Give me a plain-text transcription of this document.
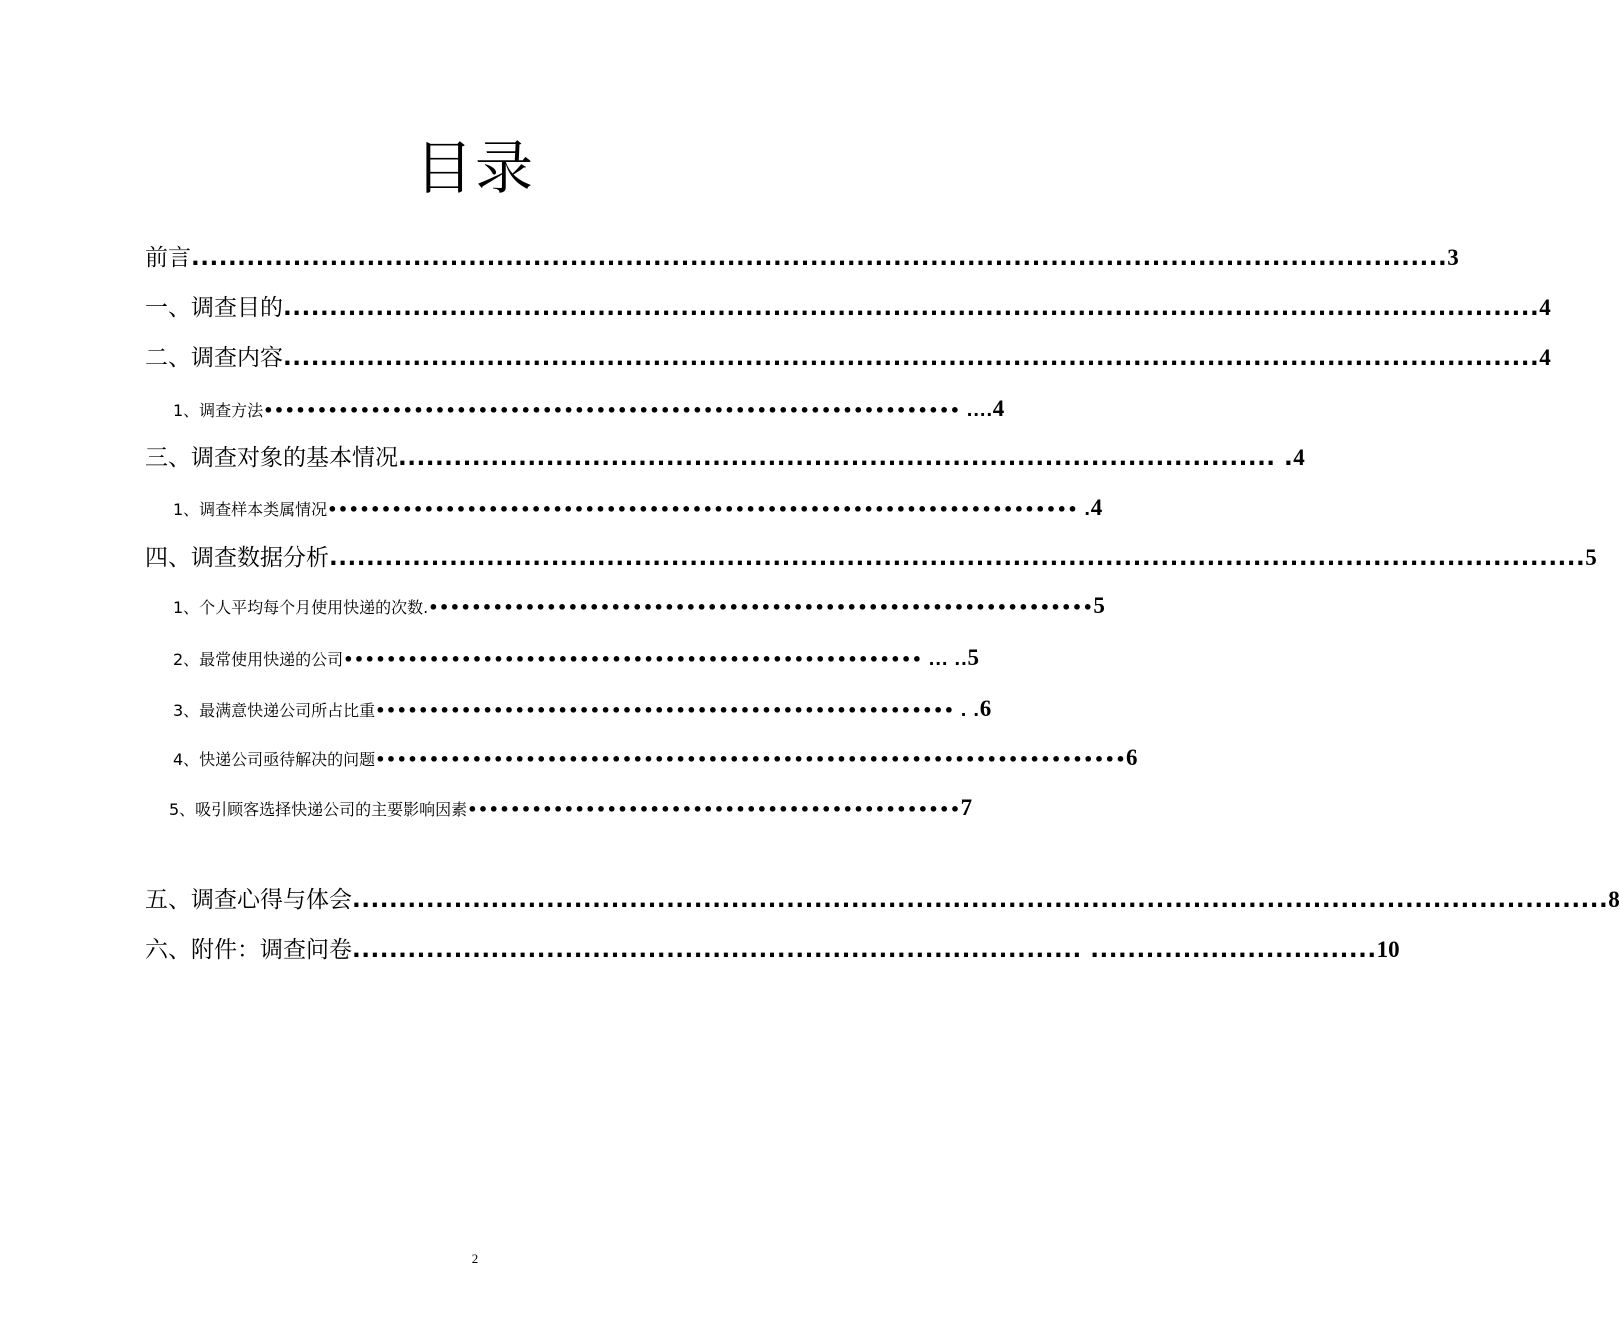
目录
前言 ........................................................................................................................................ 3
一、调查目的 ........................................................................................................................................ 4
二、调查内容 ........................................................................................................................................ 4
1、调查方法 ••••••••••••••••••••••••••••••••••••••••••••••••••••••••••••••••• .... 4
三、调查对象的基本情况 ............................................................................................... . 4
1、调查样本类属情况 •••••••••••••••••••••••••••••••••••••••••••••••••••••••••••••••••••••• . 4
四、调查数据分析 ........................................................................................................................................ 5
1、个人平均每个月使用快递的次数. •••••••••••••••••••••••••••••••••••••••••••••••••••••••••••••• 5
2、最常使用快递的公司 •••••••••••••••••••••••••••••••••••••••••••••••••••••• ... .. 5
3、最满意快递公司所占比重 •••••••••••••••••••••••••••••••••••••••••••••••••••••• . . 6
4、快递公司亟待解决的问题 •••••••••••••••••••••••••••••••••••••••••••••••••••••••••••••••••••••• 6
5、吸引顾客选择快递公司的主要影响因素 •••••••••••••••••••••••••••••••••••••••••••••• 7
五、调查心得与体会 ........................................................................................................................................ 8
六、附件：调查问卷 ............................................................................... ............................... 10
2
